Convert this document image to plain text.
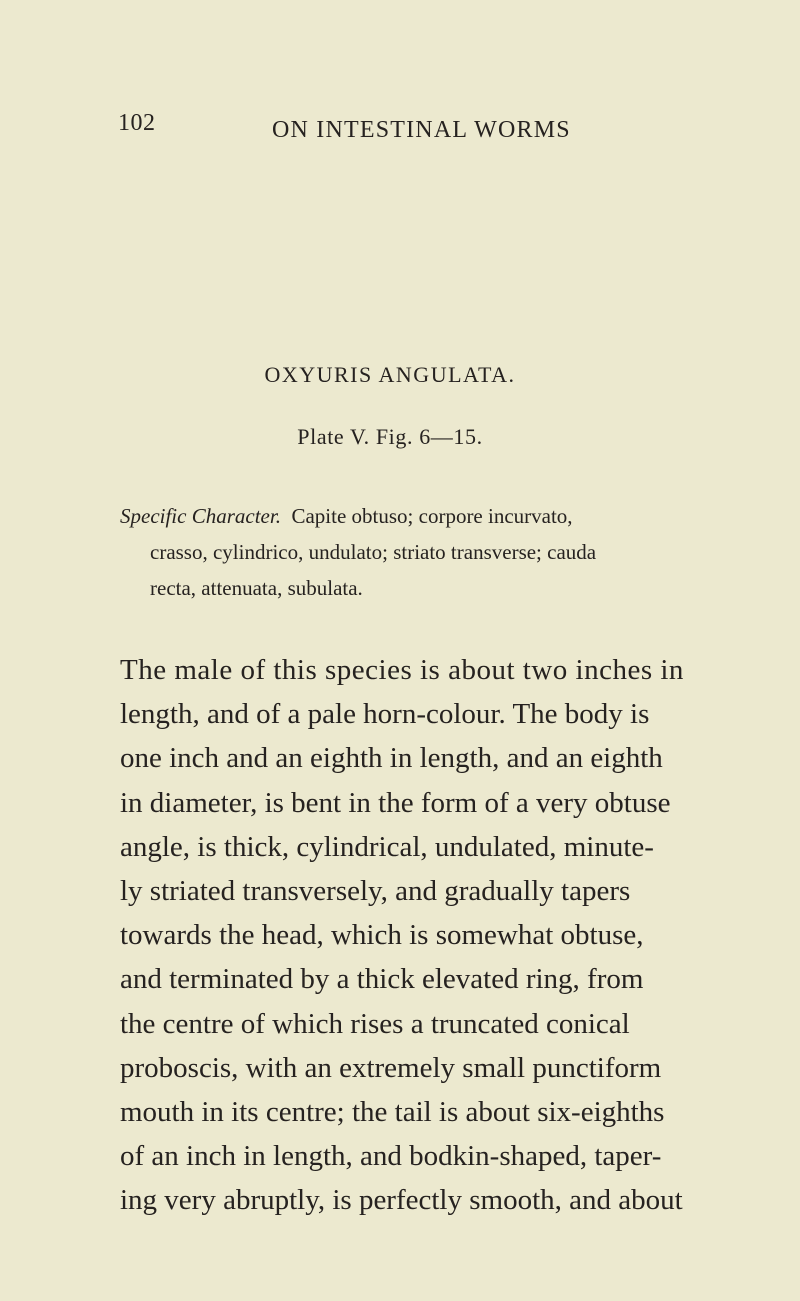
102	ON INTESTINAL WORMS
OXYURIS ANGULATA.
Plate V. Fig. 6—15.
Specific Character. Capite obtuso; corpore incurvato,
crasso, cylindrico, undulato; striato transverse; cauda
recta, attenuata, subulata.
The male of this species is about two inches in
length, and of a pale horn-colour. The body is
one inch and an eighth in length, and an eighth
in diameter, is bent in the form of a very obtuse
angle, is thick, cylindrical, undulated, minute-
ly striated transversely, and gradually tapers
towards the head, which is somewhat obtuse,
and terminated by a thick elevated ring, from
the centre of which rises a truncated conical
proboscis, with an extremely small punctiform
mouth in its centre; the tail is about six-eighths
of an inch in length, and bodkin-shaped, taper-
ing very abruptly, is perfectly smooth, and about
